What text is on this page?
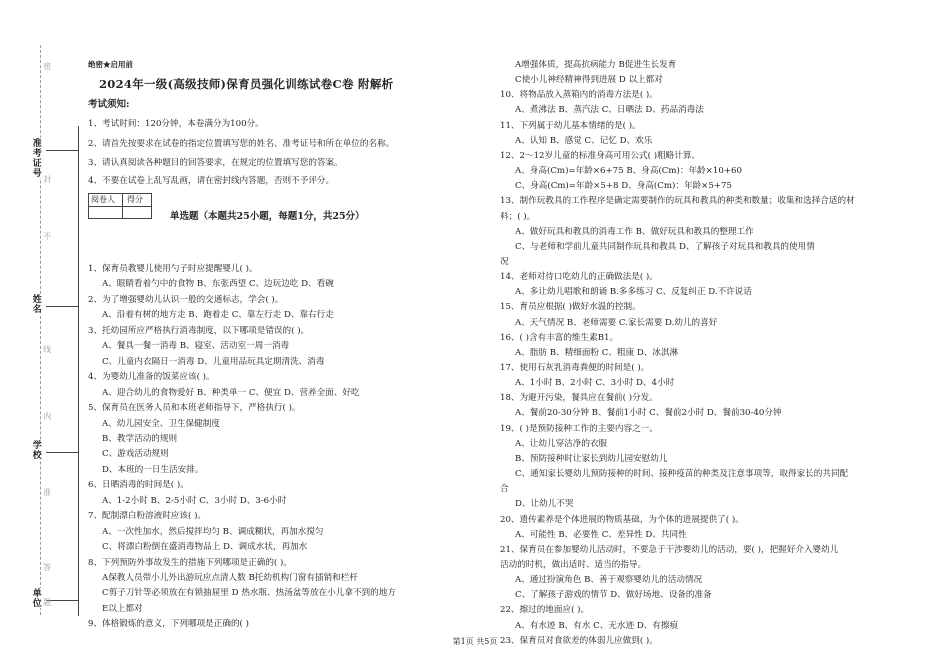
准考证号
姓名
学校
单位
密
封
不
线
内
准
答
题
绝密★启用前
2024年一级(高级技师)保育员强化训练试卷C卷 附解析
考试须知:
1、考试时间：120分钟，本卷满分为100分。
2、请首先按要求在试卷的指定位置填写您的姓名、准考证号和所在单位的名称。
3、请认真阅读各种题目的回答要求，在规定的位置填写您的答案。
4、不要在试卷上乱写乱画，请在密封线内答题，否则不予评分。
阅卷人 得分
单选题（本题共25小题，每题1分，共25分）
1、保育员教婴儿使用勺子时应提醒婴儿( )。
A、眼睛看着勺中的食物 B、东张西望 C、边玩边吃 D、看碗
2、为了增强婴幼儿认识一般的交通标志，学会( )。
A、沿着有树的地方走 B、跑着走 C、靠左行走 D、靠右行走
3、托幼园所应严格执行消毒制度，以下哪项是错误的( )。
A、餐具一餐一消毒 B、寝室、活动室一周一消毒
C、儿童内衣隔日一消毒 D、儿童用品玩具定期清洗、消毒
4、为婴幼儿准备的饭菜应该( )。
A、迎合幼儿的食物爱好 B、种类单一 C、便宜 D、营养全面、好吃
5、保育员在医务人员和本班老师指导下，严格执行( )。
A、幼儿园安全、卫生保健制度
B、教学活动的规则
C、游戏活动规则
D、本班的一日生活安排。
6、日晒消毒的时间是( )。
A、1-2小时 B、2-5小时 C、3小时 D、3-6小时
7、配制漂白粉溶液时应该( )。
A、一次性加水，然后搅拌均匀 B、调成糊状，再加水搅匀
C、将漂白粉倒在盛消毒物品上 D、调成水状，再加水
8、下列预防外事故发生的措施下列哪项是正确的( )。
A保教人员带小儿外出游玩应点清人数 B托幼机构门窗有插销和栏杆
C剪子刀针等必须放在有锁抽屉里 D 热水瓶、热汤盆等放在小儿拿不到的地方
E以上都对
9、体格锻炼的意义，下列哪项是正确的( )
A增强体质，提高抗病能力 B促进生长发育
C使小儿神经精神得到进展 D 以上都对
10、将物品放入蒸箱内的消毒方法是( )。
A、煮沸法 B、蒸汽法 C、日晒法 D、药品消毒法
11、下列属于幼儿基本情绪的是( )。
A、认知 B、感觉 C、记忆 D、欢乐
12、2～12岁儿童的标准身高可用公式( )粗略计算。
A、身高(Cm)=年龄×6+75 B、身高(Cm)：年龄×10+60
C、身高(Cm)=年龄×5+8 D、身高(Cm)：年龄×5+75
13、制作玩教具的工作程序是确定需要制作的玩具和教具的种类和数量；收集和选择合适的材
料；( )。
A、做好玩具和教具的消毒工作 B、做好玩具和教具的整理工作
C、与老师和学前儿童共同制作玩具和教具 D、了解孩子对玩具和教具的使用情
况
14、老师对待口吃幼儿的正确做法是( )。
A、多让幼儿唱歌和朗诵 B.多多练习 C、反复纠正 D.不许说话
15、育员应根据( )做好水温的控制。
A、天气情况 B、老师需要 C.家长需要 D.幼儿的喜好
16、( )含有丰富的维生素B1。
A、脂肪 B、精细面粉 C、粗康 D、冰淇淋
17、使用石灰乳消毒粪便的时间是( )。
A、1小时 B、2小时 C、3小时 D、4小时
18、为避开污染，餐具应在餐前( )分发。
A、餐前20-30分钟 B、餐前1小时 C、餐前2小时 D、餐前30-40分钟
19、( )是预防接种工作的主要内容之一。
A、让幼儿穿洁净的衣服
B、预防接种时让家长到幼儿园安慰幼儿
C、通知家长婴幼儿预防接种的时间、接种疫苗的种类及注意事项等，取得家长的共同配
合
D、让幼儿不哭
20、遗传素养是个体进展的物质基础，为个体的进展提供了( )。
A、可能性 B、必要性 C、差异性 D、共同性
21、保育员在参加婴幼儿活动时，不要急于干涉婴幼儿的活动，要( )，把握好介入婴幼儿
活动的时机，做出适时、适当的指导。
A、通过扮演角色 B、善于观察婴幼儿的活动情况
C、了解孩子游戏的情节 D、做好场地、设备的准备
22、擦过的地面应( )。
A、有水迹 B、有水 C、无水迹 D、有擦痕
23、保育员对食欲差的体弱儿应做到( )。
第1页 共5页
